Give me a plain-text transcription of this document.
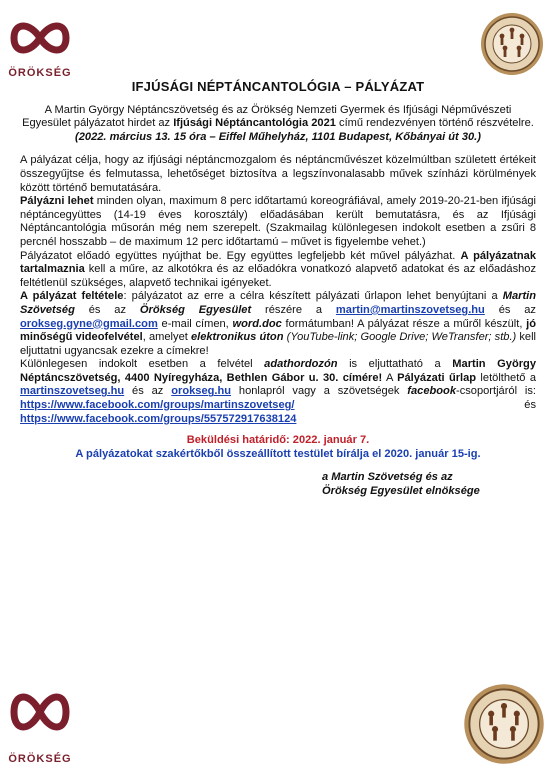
ÖRÖKSÉG
IFJÚSÁGI NÉPTÁNCANTOLÓGIA – PÁLYÁZAT

A Martin György Néptáncszövetség és az Örökség Nemzeti Gyermek és Ifjúsági Népművészeti Egyesület pályázatot hirdet az Ifjúsági Néptáncantológia 2021 című rendezvényen történő részvételre.

(2022. március 13. 15 óra – Eiffel Műhelyház, 1101 Budapest, Kőbányai út 30.)

A pályázat célja, hogy az ifjúsági néptáncmozgalom és néptáncművészet közelmúltban született értékeit összegyűjtse és felmutassa, lehetőséget biztosítva a legszínvonalasabb művek színházi körülmények között történő bemutatására.

Pályázni lehet minden olyan, maximum 8 perc időtartamú koreográfiával, amely 2019-20-21-ben ifjúsági néptáncegyüttes (14-19 éves korosztály) előadásában került bemutatásra, és az Ifjúsági Néptáncantológia műsorán még nem szerepelt. (Szakmailag különlegesen indokolt esetben a zsűri 8 percnél hosszabb – de maximum 12 perc időtartamú – művet is figyelembe vehet.)

Pályázatot előadó együttes nyújthat be. Egy együttes legfeljebb két művel pályázhat. A pályázatnak tartalmaznia kell a műre, az alkotókra és az előadókra vonatkozó alapvető adatokat és az előadáshoz feltétlenül szükséges, alapvető technikai igényeket.

A pályázat feltétele: pályázatot az erre a célra készített pályázati űrlapon lehet benyújtani a Martin Szövetség és az Örökség Egyesület részére a martin@martinszovetseg.hu és az orokseg.gyne@gmail.com e-mail címen, word.doc formátumban! A pályázat része a műről készült, jó minőségű videofelvétel, amelyet elektronikus úton (YouTube-link; Google Drive; WeTransfer; stb.) kell eljuttatni ugyancsak ezekre a címekre!

Különlegesen indokolt esetben a felvétel adathordozón is eljuttatható a Martin György Néptáncszövetség, 4400 Nyíregyháza, Bethlen Gábor u. 30. címére! A Pályázati űrlap letölthető a martinszovetseg.hu és az orokseg.hu honlapról vagy a szövetségek facebook-csoportjáról is: https://www.facebook.com/groups/martinszovetseg/ és https://www.facebook.com/groups/557572917638124

Beküldési határidő: 2022. január 7.

A pályázatokat szakértőkből összeállított testület bírálja el 2020. január 15-ig.

a Martin Szövetség és az
Örökség Egyesület elnöksége
ÖRÖKSÉG
